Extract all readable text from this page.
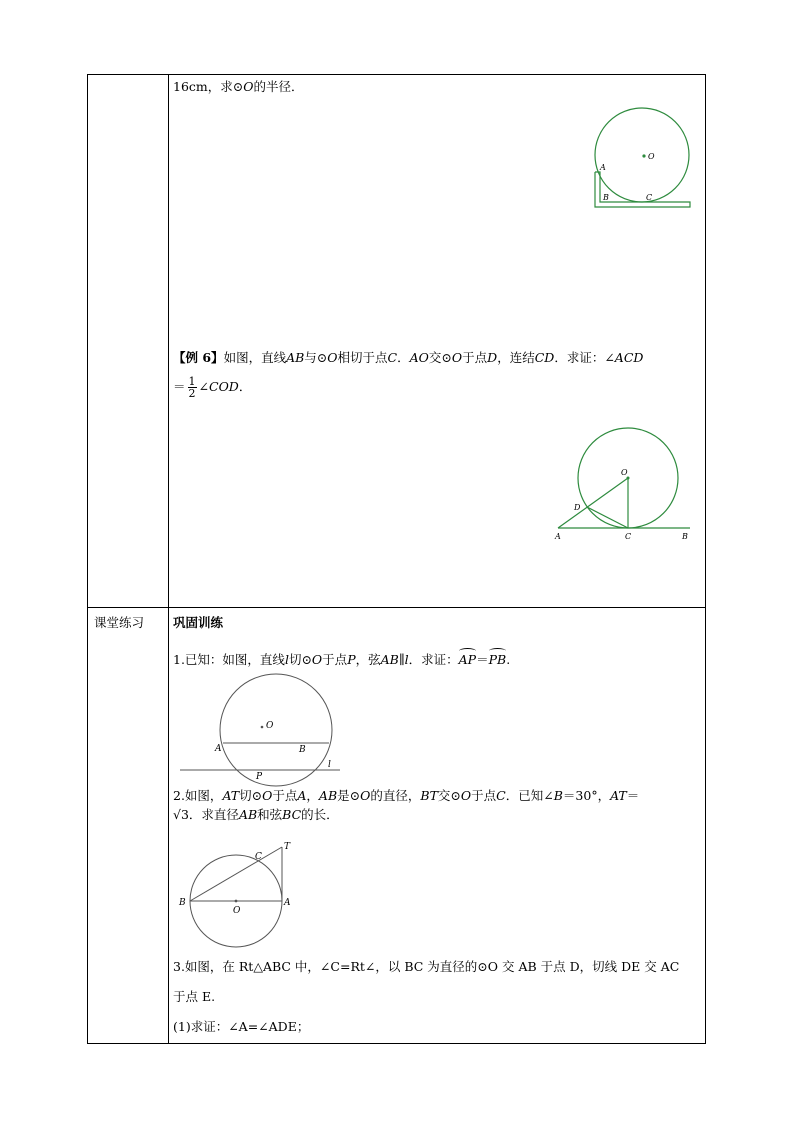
16cm，求⊙O的半径．
O
A
B	C
【例 6】如图，直线AB与⊙O相切于点C．AO交⊙O于点D，连结CD．求证：∠ACD
＝ $\frac{1}{2}$ ∠COD．
O
D
A	C	B
课堂练习 巩固训练
1.已知：如图，直线l切⊙O于点P，弦AB∥l．求证：AP＝PB.
O
A	B
P
l
2.如图，AT切⊙O于点A，AB是⊙O的直径，BT交⊙O于点C．已知∠B＝30°，AT＝
√3．求直径AB和弦BC的长．
C
T
B
O
A
3.如图，在 Rt△ABC 中，∠C=Rt∠，以 BC 为直径的⊙O 交 AB 于点 D，切线 DE 交 AC
于点 E.
(1)求证：∠A=∠ADE；
